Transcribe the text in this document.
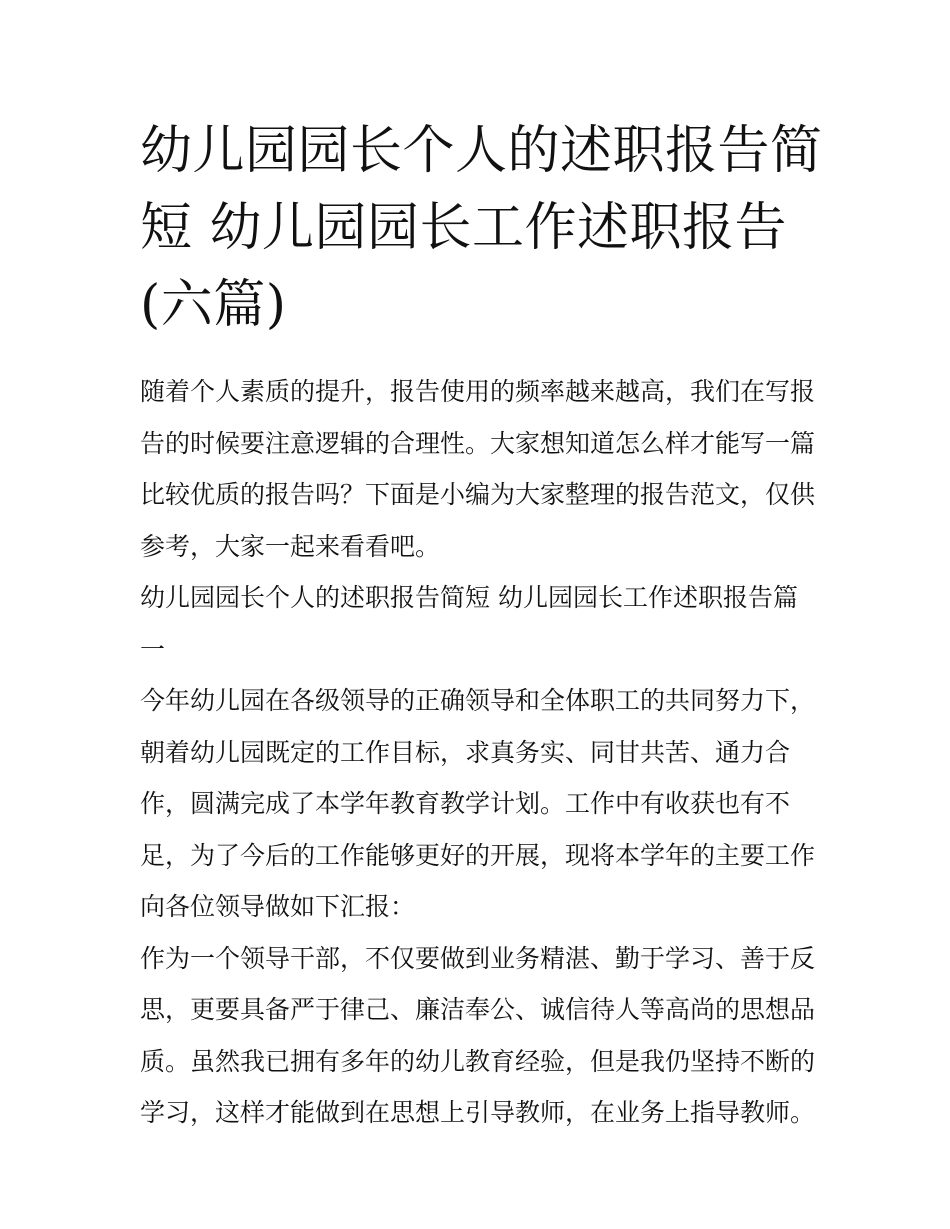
幼儿园园长个人的述职报告简
短 幼儿园园长工作述职报告
(六篇)

随着个人素质的提升，报告使用的频率越来越高，我们在写报
告的时候要注意逻辑的合理性。大家想知道怎么样才能写一篇
比较优质的报告吗？下面是小编为大家整理的报告范文，仅供
参考，大家一起来看看吧。

幼儿园园长个人的述职报告简短 幼儿园园长工作述职报告篇
一

今年幼儿园在各级领导的正确领导和全体职工的共同努力下，
朝着幼儿园既定的工作目标，求真务实、同甘共苦、通力合
作，圆满完成了本学年教育教学计划。工作中有收获也有不
足，为了今后的工作能够更好的开展，现将本学年的主要工作
向各位领导做如下汇报：

作为一个领导干部，不仅要做到业务精湛、勤于学习、善于反
思，更要具备严于律己、廉洁奉公、诚信待人等高尚的思想品
质。虽然我已拥有多年的幼儿教育经验，但是我仍坚持不断的
学习，这样才能做到在思想上引导教师，在业务上指导教师。
